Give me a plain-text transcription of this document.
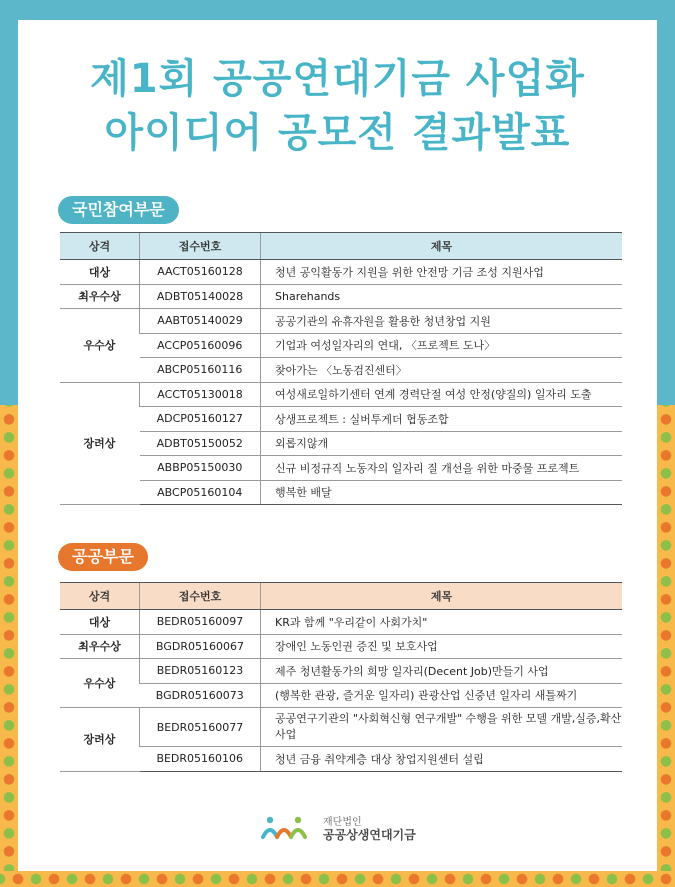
제1회 공공연대기금 사업화
아이디어 공모전 결과발표
국민참여부문
상격	접수번호	제목
대상	AACT05160128	청년 공익활동가 지원을 위한 안전망 기금 조성 지원사업
최우수상	ADBT05140028	Sharehands
우수상	AABT05140029	공공기관의 유휴자원을 활용한 청년창업 지원
	ACCP05160096	기업과 여성일자리의 연대, 〈프로젝트 도나〉
	ABCP05160116	찾아가는 〈노동검진센터〉
장려상	ACCT05130018	여성새로일하기센터 연계 경력단절 여성 안정(양질의) 일자리 도출
	ADCP05160127	상생프로젝트 : 실버투게더 협동조합
	ADBT05150052	외롭지않개
	ABBP05150030	신규 비정규직 노동자의 일자리 질 개선을 위한 마중물 프로젝트
	ABCP05160104	행복한 배달
공공부문
상격	접수번호	제목
대상	BEDR05160097	KR과 함께 "우리같이 사회가치"
최우수상	BGDR05160067	장애인 노동인권 증진 및 보호사업
우수상	BEDR05160123	제주 청년활동가의 희망 일자리(Decent Job)만들기 사업
	BGDR05160073	(행복한 관광, 즐거운 일자리) 관광산업 신중년 일자리 새틀짜기
장려상	BEDR05160077	공공연구기관의 "사회혁신형 연구개발" 수행을 위한 모델 개발,실증,확산 사업
	BEDR05160106	청년 금융 취약계층 대상 창업지원센터 설립
재단법인
공공상생연대기금
